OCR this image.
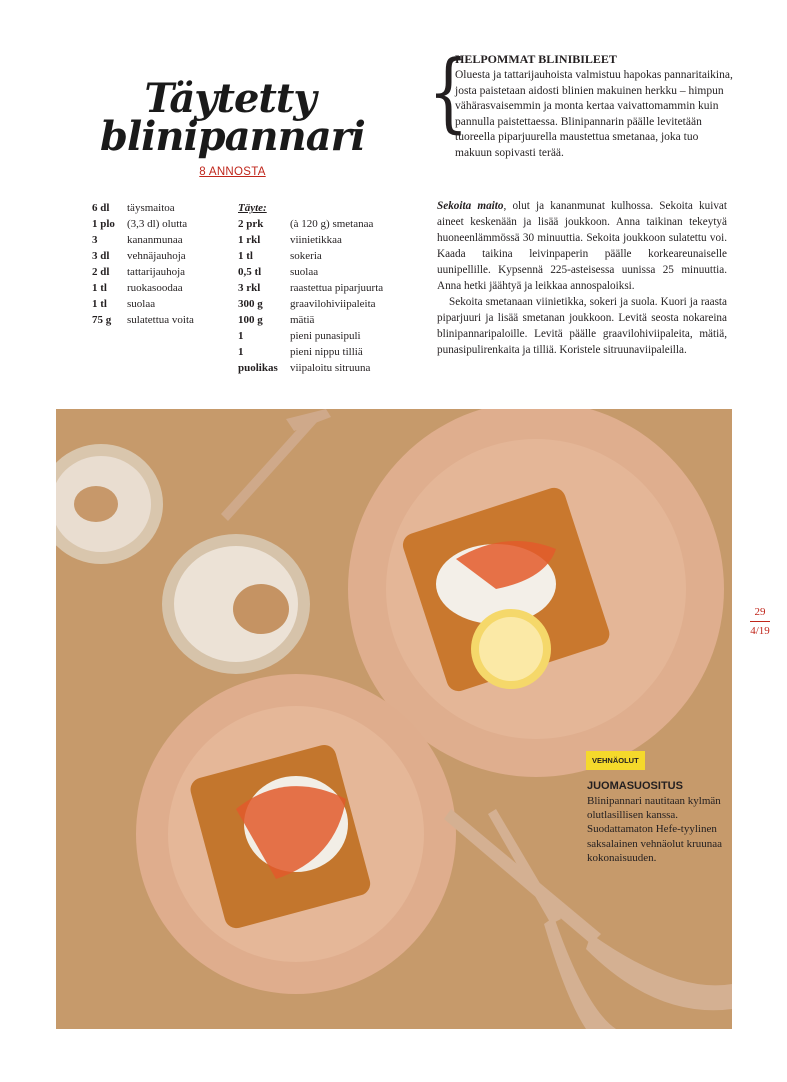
Täytetty
blinipannari
8 ANNOSTA
{
HELPOMMAT BLINIBILEET
Oluesta ja tattarijauhoista valmistuu hapokas pannaritaikina, josta paistetaan aidosti blinien makuinen herkku – himpun vähärasvaisemmin ja monta kertaa vaivattomammin kuin pannulla paistettaessa. Blinipannarin päälle levitetään tuoreella piparjuurella maustettua smetanaa, joka tuo makuun sopivasti terää.
6 dl	täysmaitoa
1 plo	(3,3 dl) olutta
3	kananmunaa
3 dl	vehnäjauhoja
2 dl	tattarijauhoja
1 tl	ruokasoodaa
1 tl	suolaa
75 g	sulatettua voita
Täyte:
2 prk	(à 120 g) smetanaa
1 rkl	viinietikkaa
1 tl	sokeria
0,5 tl	suolaa
3 rkl	raastettua piparjuurta
300 g	graavilohiviipaleita
100 g	mätiä
1	pieni punasipuli
1	pieni nippu tilliä
puolikas	viipaloitu sitruuna

Sekoita maito, olut ja kananmunat kulhossa. Sekoita kuivat aineet keskenään ja lisää joukkoon. Anna taikinan tekeytyä huoneenlämmössä 30 minuuttia. Sekoita joukkoon sulatettu voi. Kaada taikina leivinpaperin päälle korkeareunaiselle uunipellille. Kypsennä 225-asteisessa uunissa 25 minuuttia. Anna hetki jäähtyä ja leikkaa annospaloiksi.

Sekoita smetanaan viinietikka, sokeri ja suola. Kuori ja raasta piparjuuri ja lisää smetanan joukkoon. Levitä seosta nokareina blinipannaripaloille. Levitä päälle graavilohiviipaleita, mätiä, punasipulirenkaita ja tilliä. Koristele sitruunaviipaleilla.

29
4/19
VEHNÄOLUT
JUOMASUOSITUS
Blinipannari nautitaan kylmän olutlasillisen kanssa. Suodattamaton Hefe-tyylinen saksalainen vehnäolut kruunaa kokonaisuuden.
